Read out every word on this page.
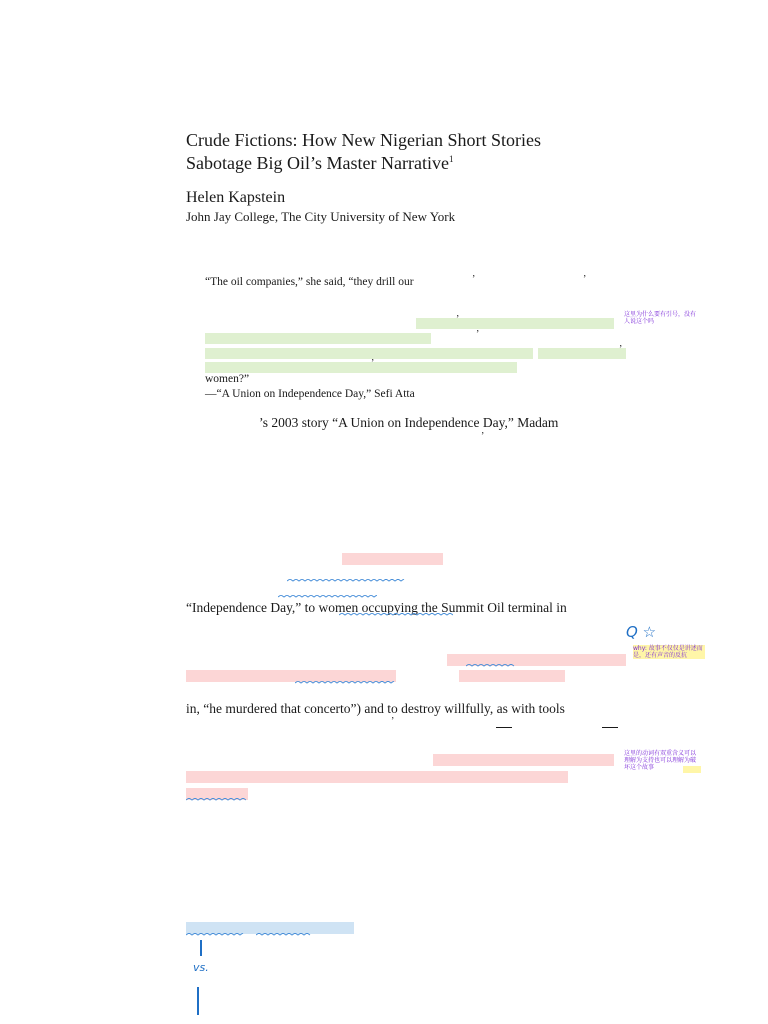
Crude Fictions: How New Nigerian Short Stories
Sabotage Big Oil’s Master Narrative$^1$
Helen Kapstein
John Jay College, The City University of New York
“The oil companies,” she said, “they drill our	’	’
’
’
’
’
women?”
—“A Union on Independence Day,” Sefi Atta
这里为什么要有引号，没有人说这个吗
’s 2003 story “A Union on Independence Day,” Madam
’
“Independence Day,” to women occupying the Summit Oil terminal in
Q ☆
why: 故事不仅仅是讲述而是，还有声音的反抗
in, “he murdered that concerto”) and to destroy willfully, as with tools
’
这里的动词有双重含义可以理解为支持也可以理解为破坏这个故事
vs.
